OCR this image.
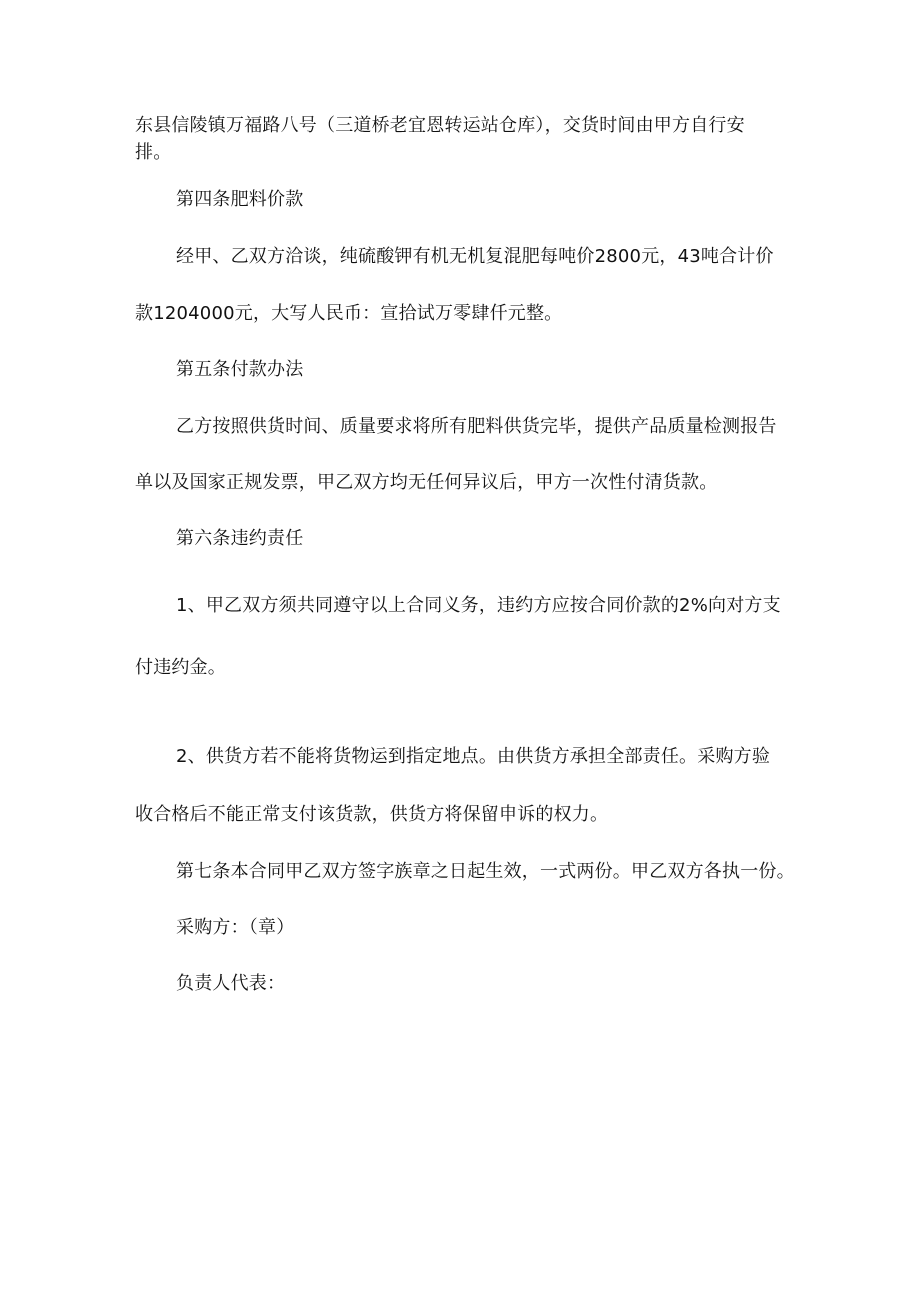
东县信陵镇万福路八号（三道桥老宜恩转运站仓库），交货时间由甲方自行安
排。
第四条肥料价款
经甲、乙双方洽谈，纯硫酸钾有机无机复混肥每吨价2800元，43吨合计价
款1204000元，大写人民币：宣拾试万零肆仟元整。
第五条付款办法
乙方按照供货时间、质量要求将所有肥料供货完毕，提供产品质量检测报告
单以及国家正规发票，甲乙双方均无任何异议后，甲方一次性付清货款。
第六条违约责任
1、甲乙双方须共同遵守以上合同义务，违约方应按合同价款的2%向对方支
付违约金。
2、供货方若不能将货物运到指定地点。由供货方承担全部责任。采购方验
收合格后不能正常支付该货款，供货方将保留申诉的权力。
第七条本合同甲乙双方签字族章之日起生效，一式两份。甲乙双方各执一份。
采购方：（章）
负责人代表：
